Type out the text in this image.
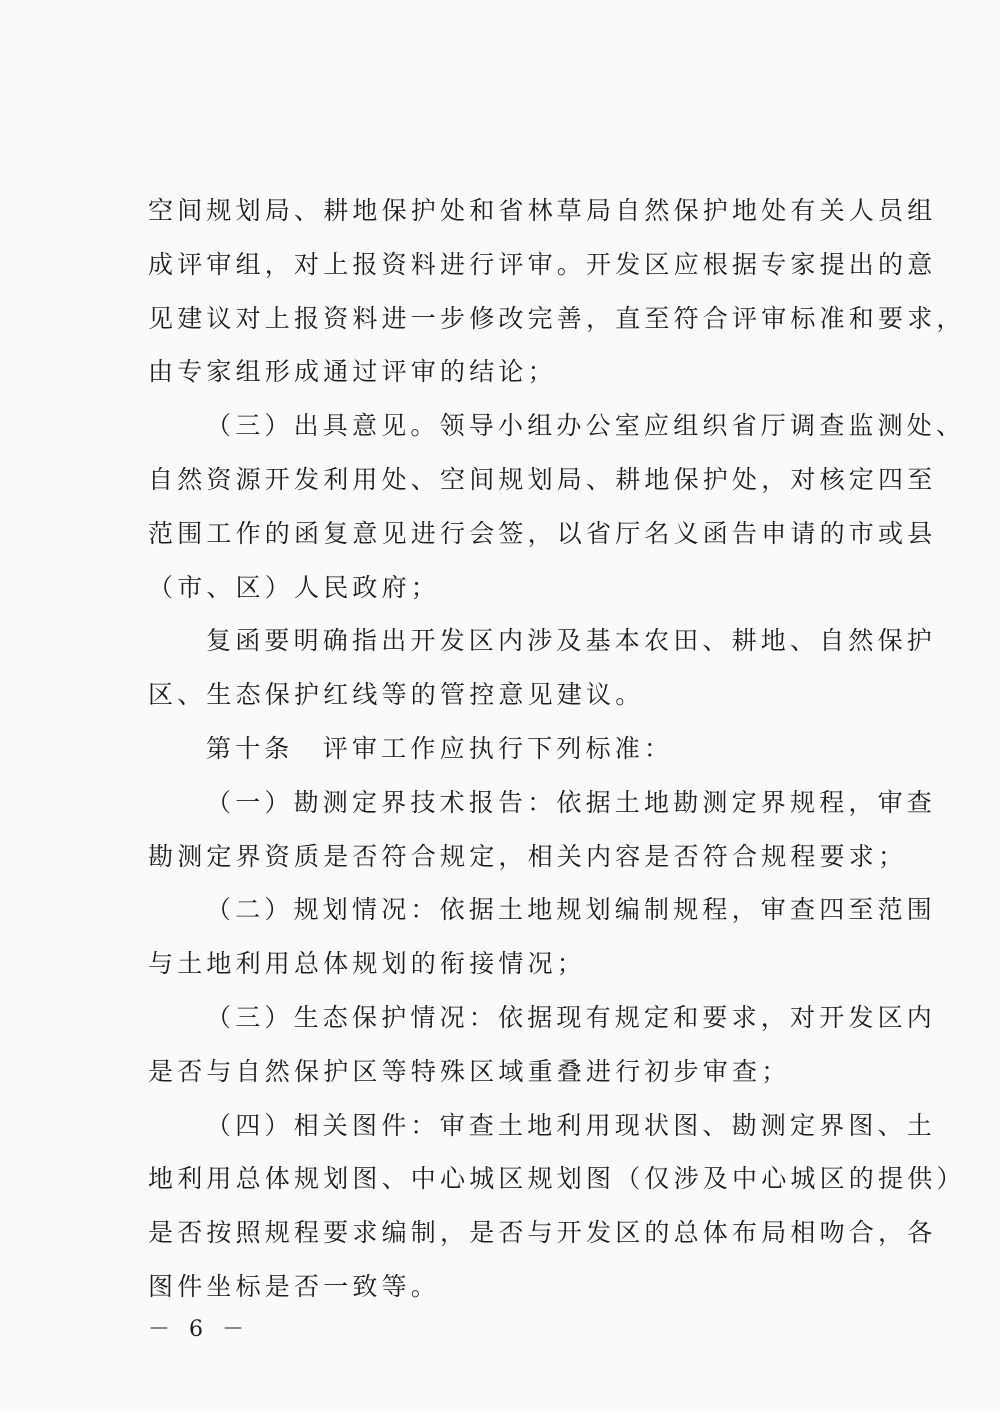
空间规划局、耕地保护处和省林草局自然保护地处有关人员组
成评审组，对上报资料进行评审。开发区应根据专家提出的意
见建议对上报资料进一步修改完善，直至符合评审标准和要求，
由专家组形成通过评审的结论；
（三）出具意见。领导小组办公室应组织省厅调查监测处、
自然资源开发利用处、空间规划局、耕地保护处，对核定四至
范围工作的函复意见进行会签，以省厅名义函告申请的市或县
（市、区）人民政府；
复函要明确指出开发区内涉及基本农田、耕地、自然保护
区、生态保护红线等的管控意见建议。
第十条　评审工作应执行下列标准：
（一）勘测定界技术报告：依据土地勘测定界规程，审查
勘测定界资质是否符合规定，相关内容是否符合规程要求；
（二）规划情况：依据土地规划编制规程，审查四至范围
与土地利用总体规划的衔接情况；
（三）生态保护情况：依据现有规定和要求，对开发区内
是否与自然保护区等特殊区域重叠进行初步审查；
（四）相关图件：审查土地利用现状图、勘测定界图、土
地利用总体规划图、中心城区规划图（仅涉及中心城区的提供）
是否按照规程要求编制，是否与开发区的总体布局相吻合，各
图件坐标是否一致等。
－ 6 －
